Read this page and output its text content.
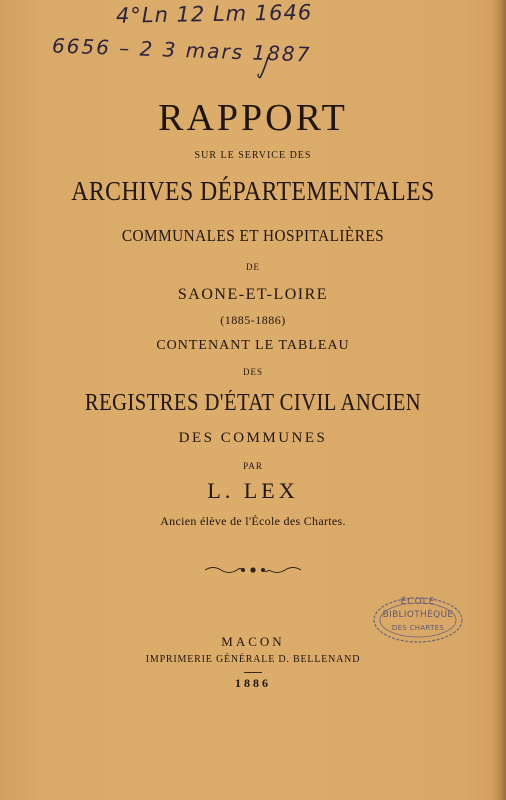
4°Ln 12 Lm 1646
6656 – 2 3 mars 1887
RAPPORT
SUR LE SERVICE DES
ARCHIVES DÉPARTEMENTALES
COMMUNALES ET HOSPITALIÈRES
DE
SAONE-ET-LOIRE
(1885-1886)
CONTENANT LE TABLEAU
DES
REGISTRES D'ÉTAT CIVIL ANCIEN
DES COMMUNES
PAR
L. LEX
Ancien élève de l'École des Chartes.
ÉCOLE
BIBLIOTHÈQUE
DES CHARTES
MACON
IMPRIMERIE GÉNÉRALE D. BELLENAND
1886
